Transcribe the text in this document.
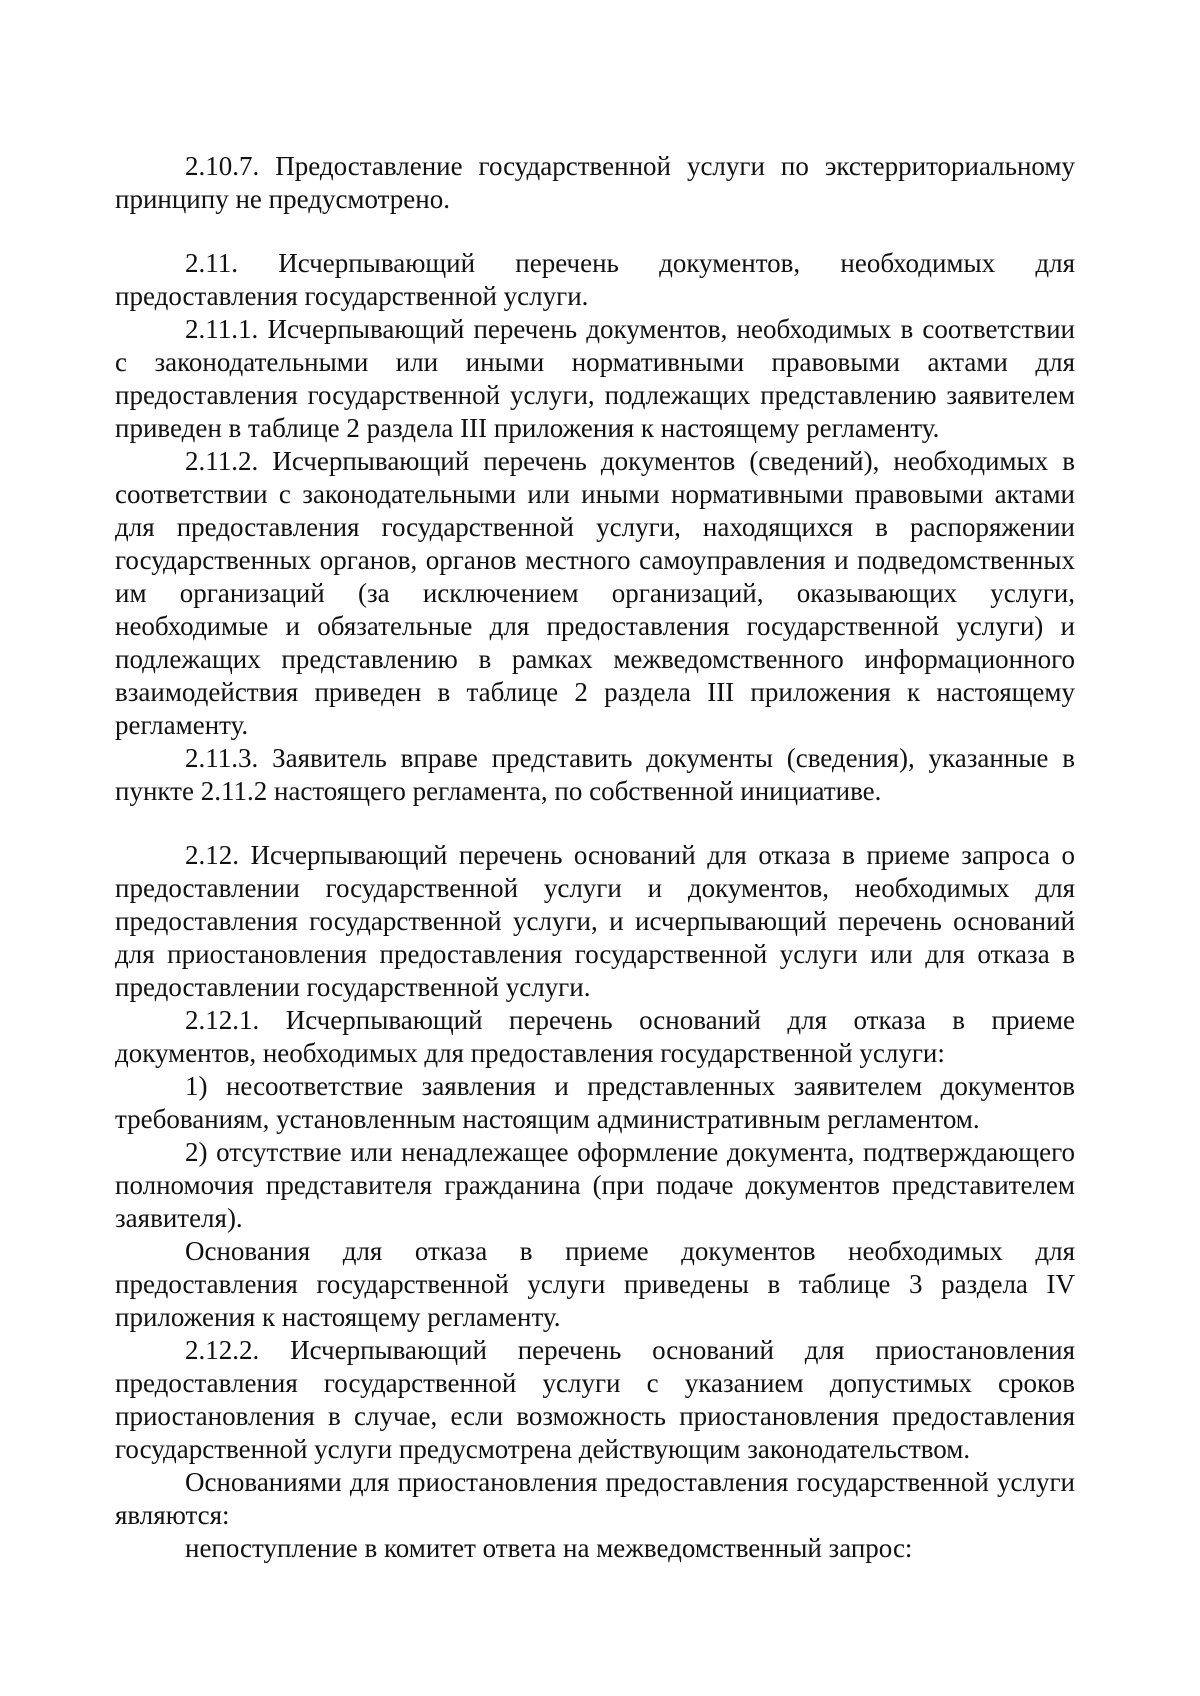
2.10.7. Предоставление государственной услуги по экстерриториальному принципу не предусмотрено.

2.11. Исчерпывающий перечень документов, необходимых для предоставления государственной услуги.

2.11.1. Исчерпывающий перечень документов, необходимых в соответствии с законодательными или иными нормативными правовыми актами для предоставления государственной услуги, подлежащих представлению заявителем приведен в таблице 2 раздела III приложения к настоящему регламенту.

2.11.2. Исчерпывающий перечень документов (сведений), необходимых в соответствии с законодательными или иными нормативными правовыми актами для предоставления государственной услуги, находящихся в распоряжении государственных органов, органов местного самоуправления и подведомственных им организаций (за исключением организаций, оказывающих услуги, необходимые и обязательные для предоставления государственной услуги) и подлежащих представлению в рамках межведомственного информационного взаимодействия приведен в таблице 2 раздела III приложения к настоящему регламенту.

2.11.3. Заявитель вправе представить документы (сведения), указанные в пункте 2.11.2 настоящего регламента, по собственной инициативе.

2.12. Исчерпывающий перечень оснований для отказа в приеме запроса о предоставлении государственной услуги и документов, необходимых для предоставления государственной услуги, и исчерпывающий перечень оснований для приостановления предоставления государственной услуги или для отказа в предоставлении государственной услуги.

2.12.1. Исчерпывающий перечень оснований для отказа в приеме документов, необходимых для предоставления государственной услуги:

1) несоответствие заявления и представленных заявителем документов требованиям, установленным настоящим административным регламентом.

2) отсутствие или ненадлежащее оформление документа, подтверждающего полномочия представителя гражданина (при подаче документов представителем заявителя).

Основания для отказа в приеме документов необходимых для предоставления государственной услуги приведены в таблице 3 раздела IV приложения к настоящему регламенту.

2.12.2. Исчерпывающий перечень оснований для приостановления предоставления государственной услуги с указанием допустимых сроков приостановления в случае, если возможность приостановления предоставления государственной услуги предусмотрена действующим законодательством.

Основаниями для приостановления предоставления государственной услуги являются:

непоступление в комитет ответа на межведомственный запрос:
